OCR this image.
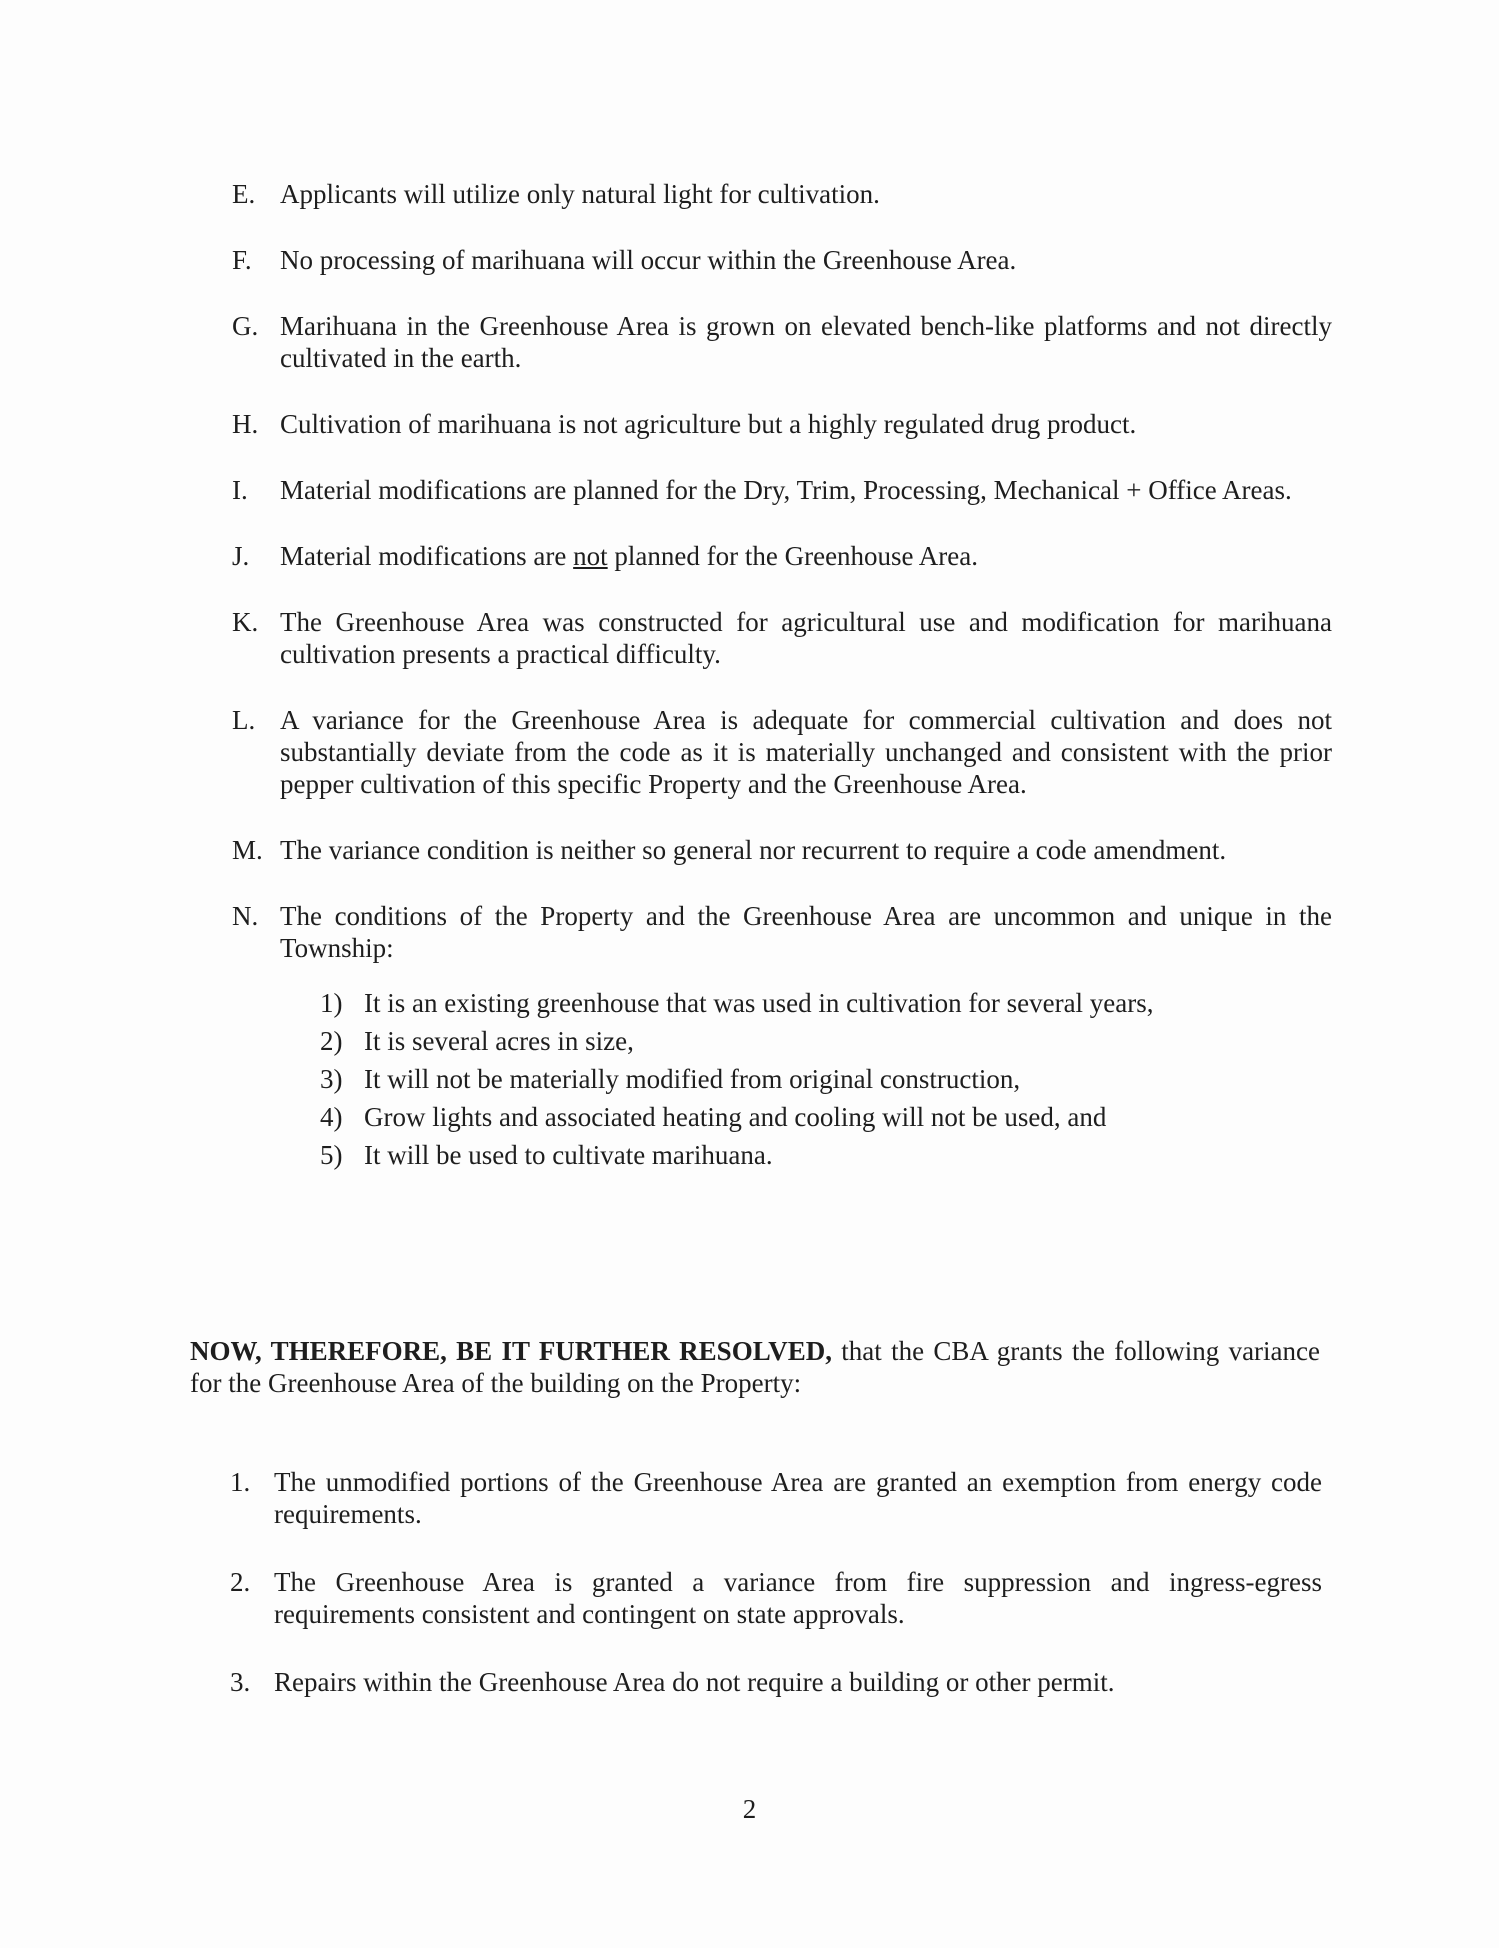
E. Applicants will utilize only natural light for cultivation.
F.	No processing of marihuana will occur within the Greenhouse Area.
G. Marihuana in the Greenhouse Area is grown on elevated bench-like platforms and not directly cultivated in the earth.
H. Cultivation of marihuana is not agriculture but a highly regulated drug product.
I.	Material modifications are planned for the Dry, Trim, Processing, Mechanical + Office Areas.
J.	Material modifications are not planned for the Greenhouse Area.
K. The Greenhouse Area was constructed for agricultural use and modification for marihuana cultivation presents a practical difficulty.
L. A variance for the Greenhouse Area is adequate for commercial cultivation and does not substantially deviate from the code as it is materially unchanged and consistent with the prior pepper cultivation of this specific Property and the Greenhouse Area.
M. The variance condition is neither so general nor recurrent to require a code amendment.
N. The conditions of the Property and the Greenhouse Area are uncommon and unique in the Township:
1) It is an existing greenhouse that was used in cultivation for several years,
2) It is several acres in size,
3) It will not be materially modified from original construction,
4) Grow lights and associated heating and cooling will not be used, and
5) It will be used to cultivate marihuana.
NOW, THEREFORE, BE IT FURTHER RESOLVED, that the CBA grants the following variance for the Greenhouse Area of the building on the Property:
1. The unmodified portions of the Greenhouse Area are granted an exemption from energy code requirements.
2. The Greenhouse Area is granted a variance from fire suppression and ingress-egress requirements consistent and contingent on state approvals.
3. Repairs within the Greenhouse Area do not require a building or other permit.
2
